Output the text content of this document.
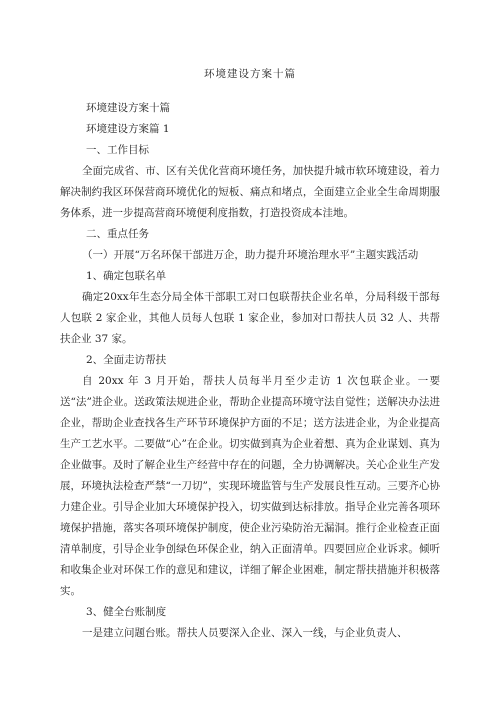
环境建设方案十篇

环境建设方案十篇

环境建设方案篇 1

一、工作目标

全面完成省、市、区有关优化营商环境任务，加快提升城市软环境建设，着力解决制约我区环保营商环境优化的短板、痛点和堵点，全面建立企业全生命周期服务体系，进一步提高营商环境便利度指数，打造投资成本洼地。

二、重点任务

（一）开展“万名环保干部进万企，助力提升环境治理水平”主题实践活动

1、确定包联名单

确定20xx年生态分局全体干部职工对口包联帮扶企业名单，分局科级干部每人包联 2 家企业，其他人员每人包联 1 家企业，参加对口帮扶人员 32 人、共帮扶企业 37 家。

2、全面走访帮扶

自 20xx 年 3 月开始，帮扶人员每半月至少走访 1 次包联企业。一要送“法”进企业。送政策法规进企业，帮助企业提高环境守法自觉性；送解决办法进企业，帮助企业查找各生产环节环境保护方面的不足；送方法进企业，为企业提高生产工艺水平。二要做“心”在企业。切实做到真为企业着想、真为企业谋划、真为企业做事。及时了解企业生产经营中存在的问题，全力协调解决。关心企业生产发展，环境执法检查严禁“一刀切”，实现环境监管与生产发展良性互动。三要齐心协力建企业。引导企业加大环境保护投入，切实做到达标排放。指导企业完善各项环境保护措施，落实各项环境保护制度，使企业污染防治无漏洞。推行企业检查正面清单制度，引导企业争创绿色环保企业，纳入正面清单。四要回应企业诉求。倾听和收集企业对环保工作的意见和建议，详细了解企业困难，制定帮扶措施并积极落实。

3、健全台账制度

一是建立问题台账。帮扶人员要深入企业、深入一线，与企业负责人、
